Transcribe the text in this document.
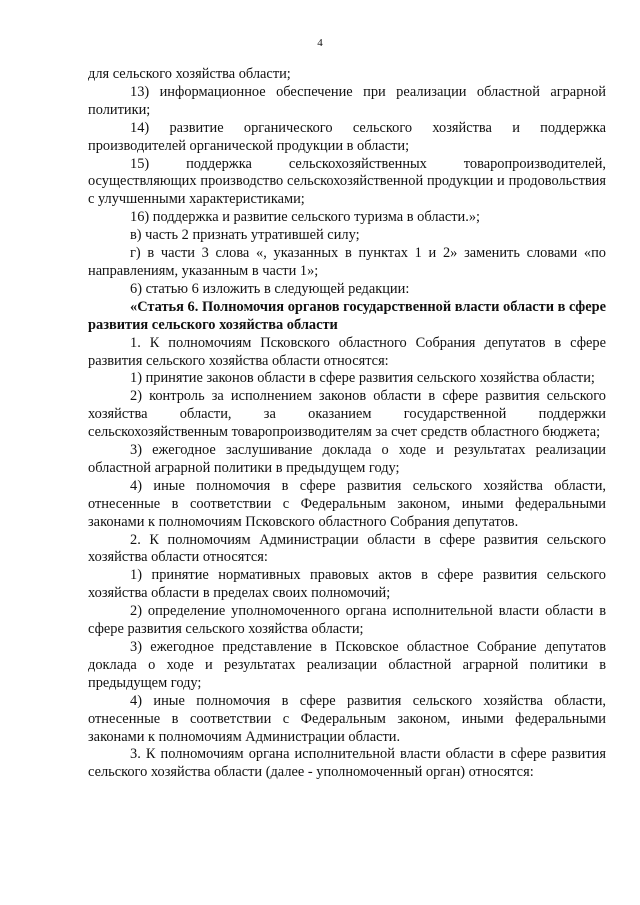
4

для сельского хозяйства области;

13) информационное обеспечение при реализации областной аграрной политики;

14) развитие органического сельского хозяйства и поддержка производителей органической продукции в области;

15) поддержка сельскохозяйственных товаропроизводителей, осуществляющих производство сельскохозяйственной продукции и продовольствия с улучшенными характеристиками;

16) поддержка и развитие сельского туризма в области.»;

в) часть 2 признать утратившей силу;

г) в части 3 слова «, указанных в пунктах 1 и 2» заменить словами «по направлениям, указанным в части 1»;

6) статью 6 изложить в следующей редакции:

«Статья 6. Полномочия органов государственной власти области в сфере развития сельского хозяйства области

1. К полномочиям Псковского областного Собрания депутатов в сфере развития сельского хозяйства области относятся:

1) принятие законов области в сфере развития сельского хозяйства области;

2) контроль за исполнением законов области в сфере развития сельского хозяйства области, за оказанием государственной поддержки сельскохозяйственным товаропроизводителям за счет средств областного бюджета;

3) ежегодное заслушивание доклада о ходе и результатах реализации областной аграрной политики в предыдущем году;

4) иные полномочия в сфере развития сельского хозяйства области, отнесенные в соответствии с Федеральным законом, иными федеральными законами к полномочиям Псковского областного Собрания депутатов.

2. К полномочиям Администрации области в сфере развития сельского хозяйства области относятся:

1) принятие нормативных правовых актов в сфере развития сельского хозяйства области в пределах своих полномочий;

2) определение уполномоченного органа исполнительной власти области в сфере развития сельского хозяйства области;

3) ежегодное представление в Псковское областное Собрание депутатов доклада о ходе и результатах реализации областной аграрной политики в предыдущем году;

4) иные полномочия в сфере развития сельского хозяйства области, отнесенные в соответствии с Федеральным законом, иными федеральными законами к полномочиям Администрации области.

3. К полномочиям органа исполнительной власти области в сфере развития сельского хозяйства области (далее - уполномоченный орган) относятся:
